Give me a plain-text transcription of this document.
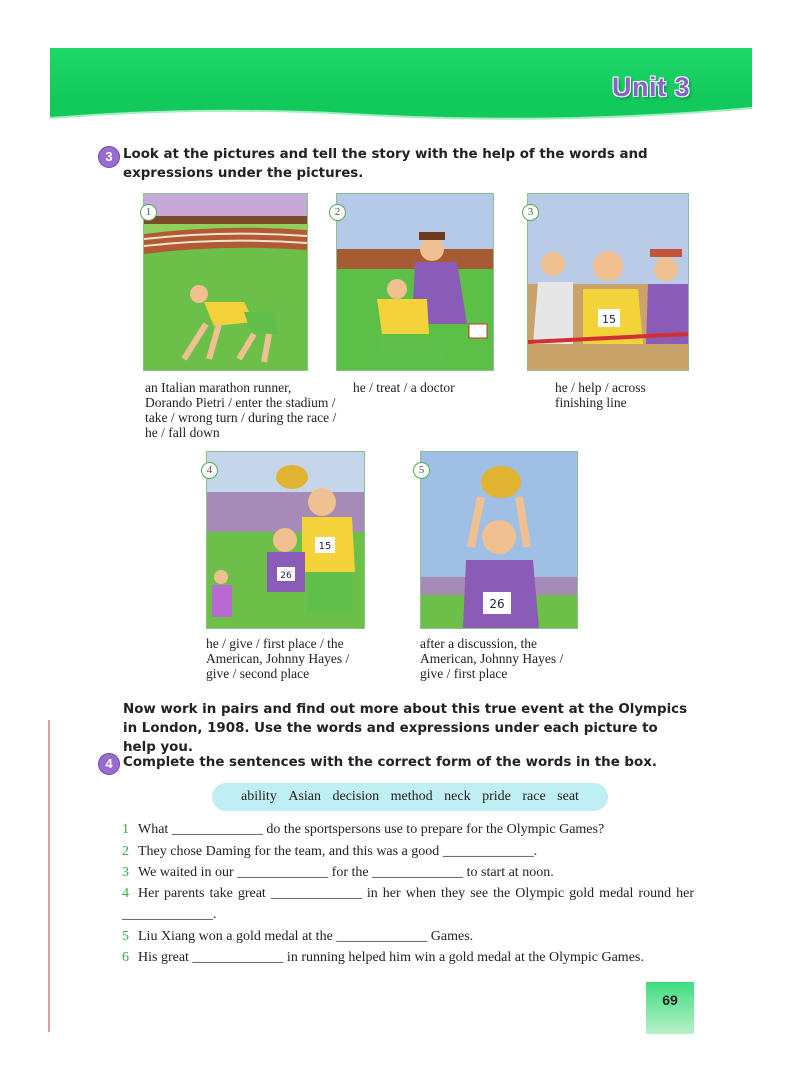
Unit 3
3 Look at the pictures and tell the story with the help of the words and expressions under the pictures.
1	2
15
3
an Italian marathon runner, Dorando Pietri / enter the stadium / take / wrong turn / during the race / he / fall down
he / treat / a doctor	he / help / across finishing line
15
26
4
26
5
he / give / first place / the American, Johnny Hayes / give / second place
after a discussion, the American, Johnny Hayes / give / first place
Now work in pairs and find out more about this true event at the Olympics in London, 1908. Use the words and expressions under each picture to help you.
4 Complete the sentences with the correct form of the words in the box.
ability Asian decision method neck pride race seat
1 What _____________ do the sportspersons use to prepare for the Olympic Games?
2 They chose Daming for the team, and this was a good _____________.
3 We waited in our _____________ for the _____________ to start at noon.
4 Her parents take great _____________ in her when they see the Olympic gold medal round her _____________.
5 Liu Xiang won a gold medal at the _____________ Games.
6 His great _____________ in running helped him win a gold medal at the Olympic Games.
69
